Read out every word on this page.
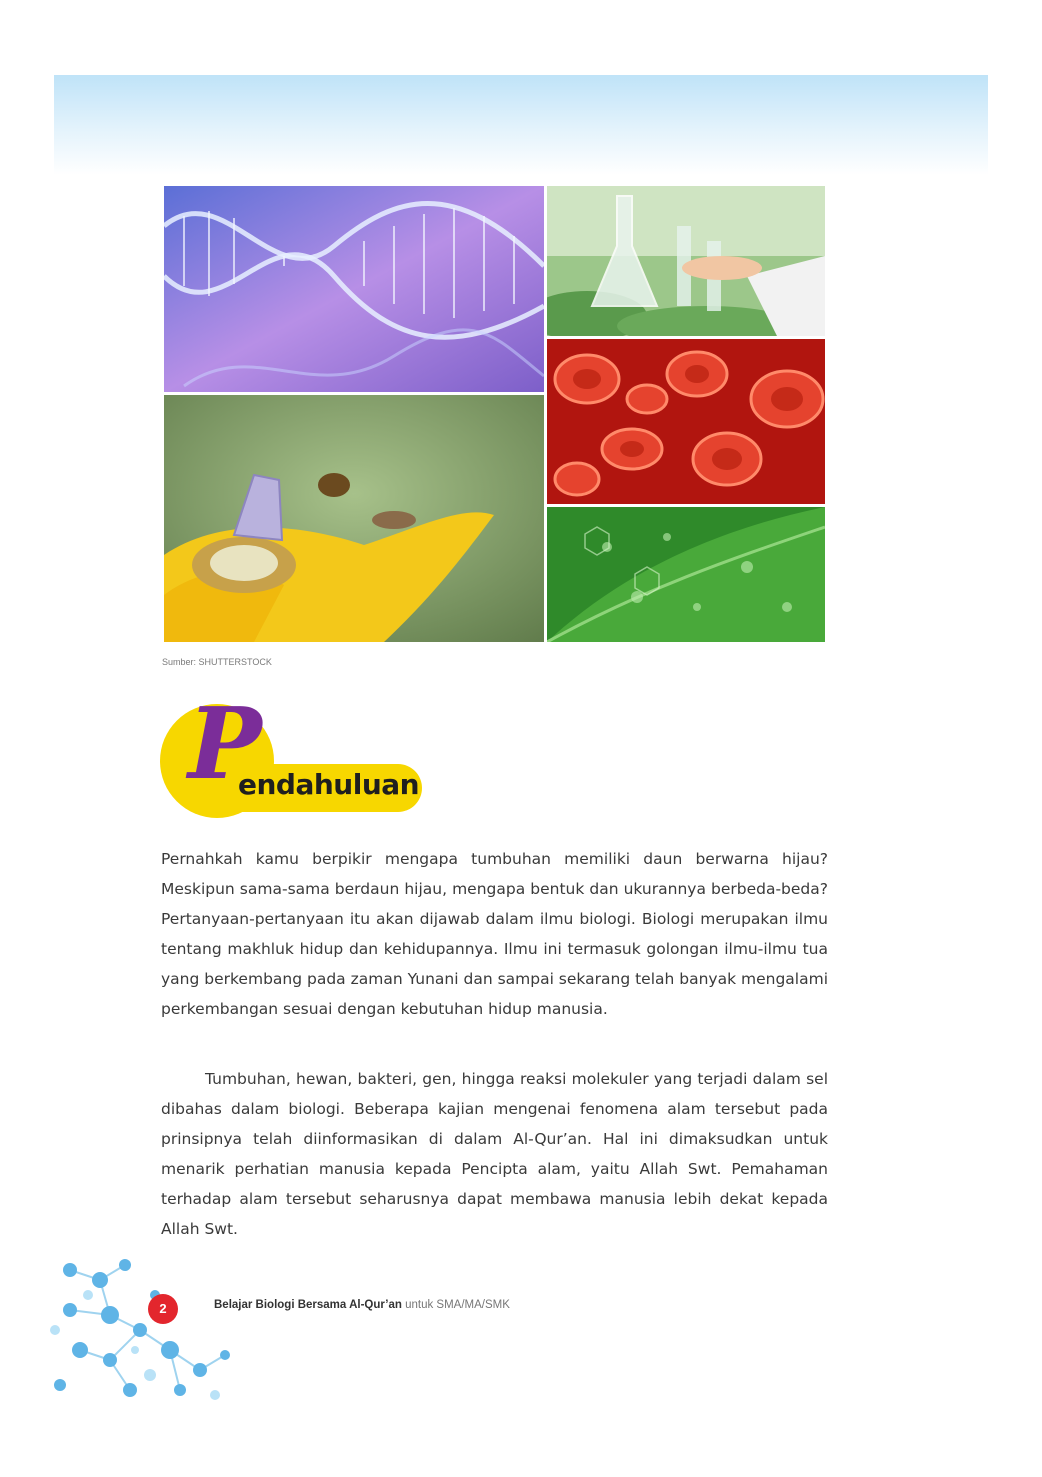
Sumber: SHUTTERSTOCK
P
endahuluan

Pernahkah kamu berpikir mengapa tumbuhan memiliki daun berwarna hijau? Meskipun sama-sama berdaun hijau, mengapa bentuk dan ukurannya berbeda-beda? Pertanyaan-pertanyaan itu akan dijawab dalam ilmu biologi. Biologi merupakan ilmu tentang makhluk hidup dan kehidupannya. Ilmu ini termasuk golongan ilmu-ilmu tua yang berkembang pada zaman Yunani dan sampai sekarang telah banyak mengalami perkembangan sesuai dengan kebutuhan hidup manusia.

Tumbuhan, hewan, bakteri, gen, hingga reaksi molekuler yang terjadi dalam sel dibahas dalam biologi. Beberapa kajian mengenai fenomena alam tersebut pada prinsipnya telah diinformasikan di dalam Al-Qur’an. Hal ini dimaksudkan untuk menarik perhatian manusia kepada Pencipta alam, yaitu Allah Swt. Pemahaman terhadap alam tersebut seharusnya dapat membawa manusia lebih dekat kepada Allah Swt.

2	Belajar Biologi Bersama Al-Qur’an untuk SMA/MA/SMK
